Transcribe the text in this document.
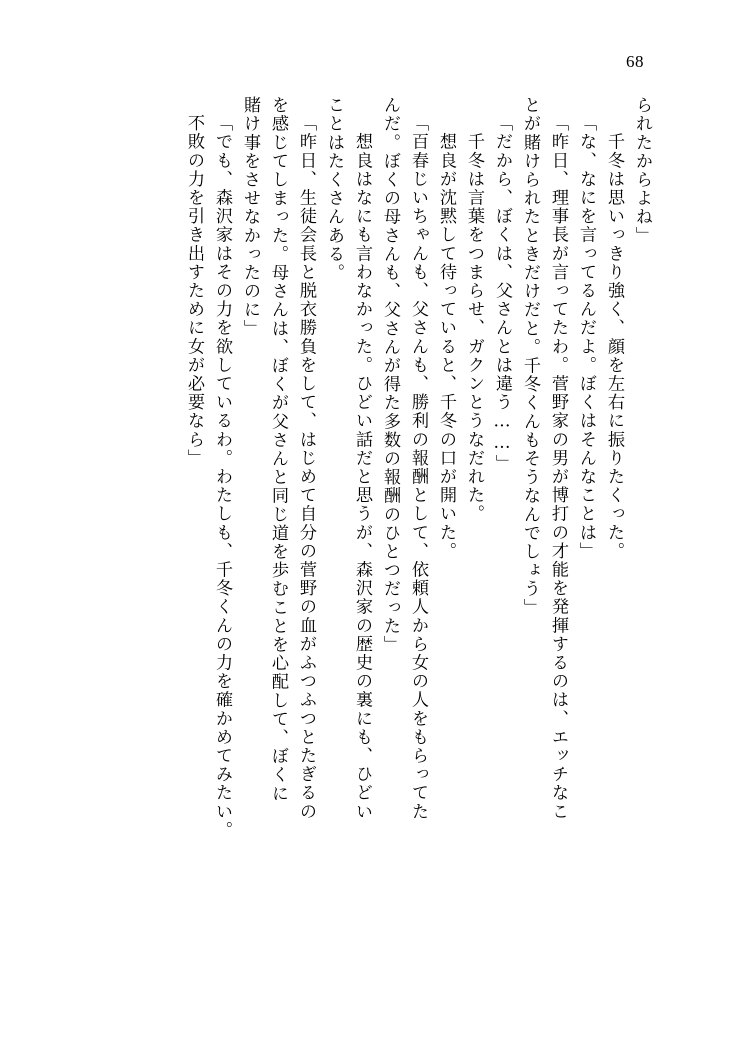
68
られたからよね」
　千冬は思いっきり強く、顔を左右に振りたくった。
「な、なにを言ってるんだよ。ぼくはそんなことは」
「昨日、理事長が言ってたわ。菅野家の男が博打の才能を発揮するのは、エッチなこ
とが賭けられたときだけだと。千冬くんもそうなんでしょう」
「だから、ぼくは、父さんとは違う……」
　千冬は言葉をつまらせ、ガクンとうなだれた。
　想良が沈黙して待っていると、千冬の口が開いた。
「百春じいちゃんも、父さんも、勝利の報酬として、依頼人から女の人をもらってた
んだ。ぼくの母さんも、父さんが得た多数の報酬のひとつだった」
　想良はなにも言わなかった。ひどい話だと思うが、森沢家の歴史の裏にも、ひどい
ことはたくさんある。
「昨日、生徒会長と脱衣勝負をして、はじめて自分の菅野の血がふつふつとたぎるの
を感じてしまった。母さんは、ぼくが父さんと同じ道を歩むことを心配して、ぼくに
賭け事をさせなかったのに」
「でも、森沢家はその力を欲しているわ。わたしも、千冬くんの力を確かめてみたい。
不敗の力を引き出すために女が必要なら」
